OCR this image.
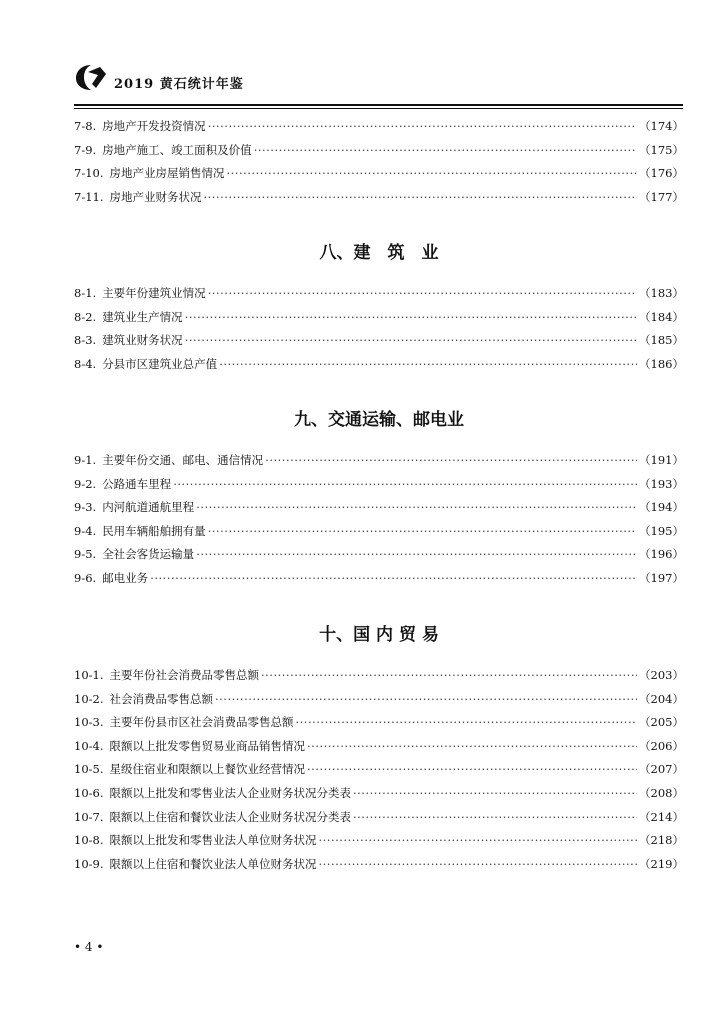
2019 黄石统计年鉴
7-8. 房地产开发投资情况 ·····	（174）
7-9. 房地产施工、竣工面积及价值 ·····	（175）
7-10. 房地产业房屋销售情况 ·····	（176）
7-11. 房地产业财务状况 ·····	（177）
八、建　筑　业
8-1. 主要年份建筑业情况 ·····	（183）
8-2. 建筑业生产情况 ·····	（184）
8-3. 建筑业财务状况 ·····	（185）
8-4. 分县市区建筑业总产值 ·····	（186）
九、交通运输、邮电业
9-1. 主要年份交通、邮电、通信情况 ·····	（191）
9-2. 公路通车里程 ·····	（193）
9-3. 内河航道通航里程 ·····	（194）
9-4. 民用车辆船舶拥有量 ·····	（195）
9-5. 全社会客货运输量 ·····	（196）
9-6. 邮电业务 ·····	（197）
十、国 内 贸 易
10-1. 主要年份社会消费品零售总额 ·····	（203）
10-2. 社会消费品零售总额 ·····	（204）
10-3. 主要年份县市区社会消费品零售总额 ·····	（205）
10-4. 限额以上批发零售贸易业商品销售情况 ·····	（206）
10-5. 星级住宿业和限额以上餐饮业经营情况 ·····	（207）
10-6. 限额以上批发和零售业法人企业财务状况分类表 ·····	（208）
10-7. 限额以上住宿和餐饮业法人企业财务状况分类表 ·····	（214）
10-8. 限额以上批发和零售业法人单位财务状况 ·····	（218）
10-9. 限额以上住宿和餐饮业法人单位财务状况 ·····	（219）
• 4 •
